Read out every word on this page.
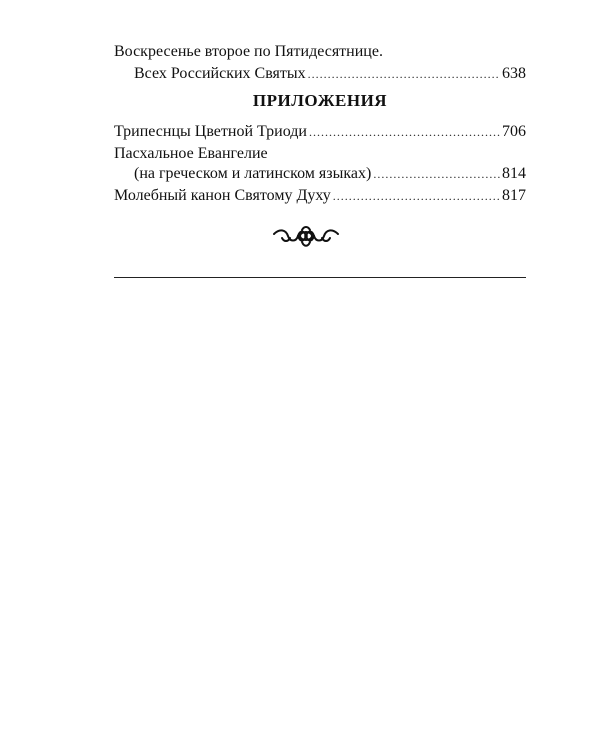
Воскресенье второе по Пятидесятнице.
Всех Российских Святых .....	638
ПРИЛОЖЕНИЯ
Трипеснцы Цветной Триоди .....	706
Пасхальное Евангелие
(на греческом и латинском языках) .....	814
Молебный канон Святому Духу .....	817
